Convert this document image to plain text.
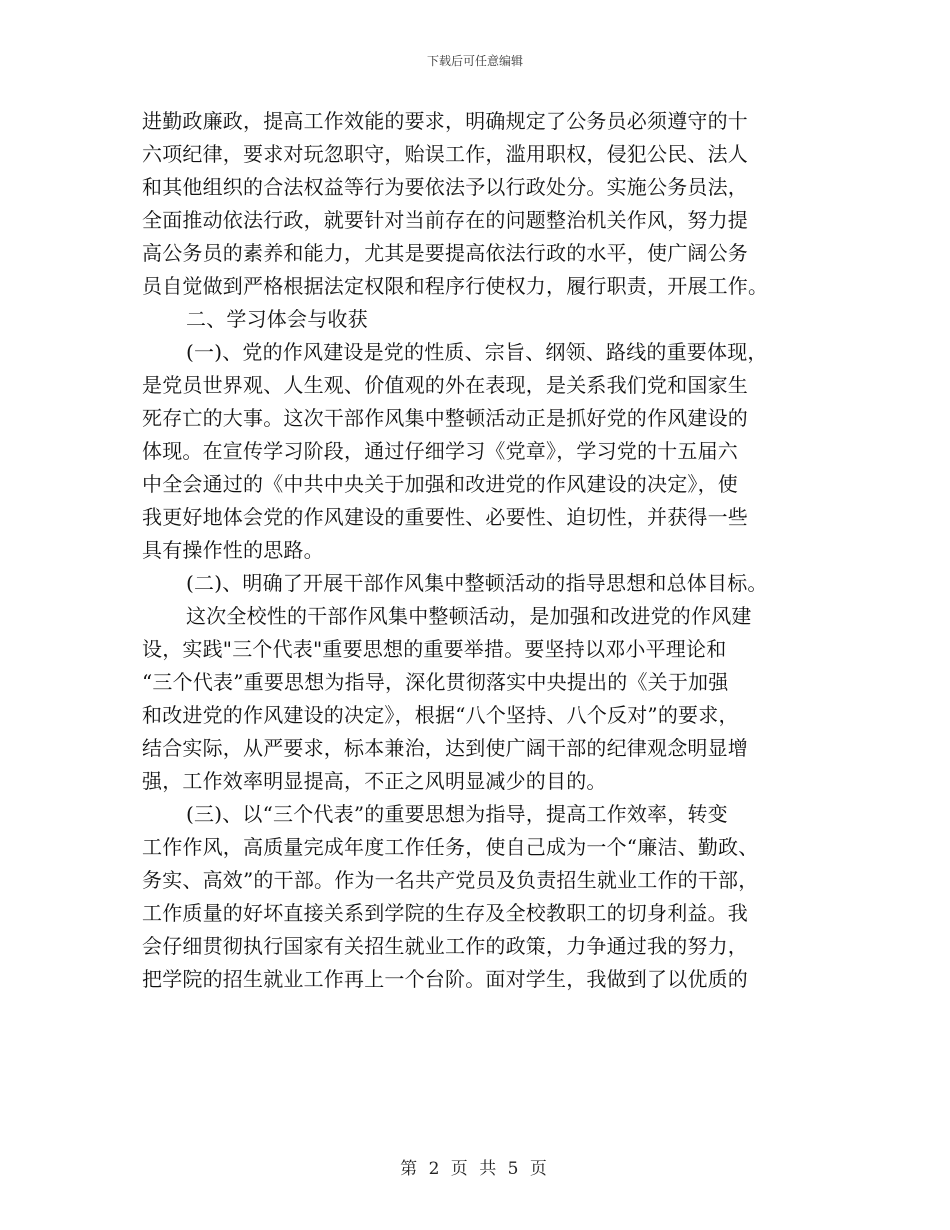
下载后可任意编辑
进勤政廉政，提高工作效能的要求，明确规定了公务员必须遵守的十
六项纪律，要求对玩忽职守，贻误工作，滥用职权，侵犯公民、法人
和其他组织的合法权益等行为要依法予以行政处分。实施公务员法，
全面推动依法行政，就要针对当前存在的问题整治机关作风，努力提
高公务员的素养和能力，尤其是要提高依法行政的水平，使广阔公务
员自觉做到严格根据法定权限和程序行使权力，履行职责，开展工作。
二、学习体会与收获
(一)、党的作风建设是党的性质、宗旨、纲领、路线的重要体现，
是党员世界观、人生观、价值观的外在表现，是关系我们党和国家生
死存亡的大事。这次干部作风集中整顿活动正是抓好党的作风建设的
体现。在宣传学习阶段，通过仔细学习《党章》，学习党的十五届六
中全会通过的《中共中央关于加强和改进党的作风建设的决定》，使
我更好地体会党的作风建设的重要性、必要性、迫切性，并获得一些
具有操作性的思路。
(二)、明确了开展干部作风集中整顿活动的指导思想和总体目标。
这次全校性的干部作风集中整顿活动，是加强和改进党的作风建
设，实践"三个代表"重要思想的重要举措。要坚持以邓小平理论和
“三个代表”重要思想为指导，深化贯彻落实中央提出的《关于加强
和改进党的作风建设的决定》，根据“八个坚持、八个反对”的要求，
结合实际，从严要求，标本兼治，达到使广阔干部的纪律观念明显增
强，工作效率明显提高，不正之风明显减少的目的。
(三)、以“三个代表”的重要思想为指导，提高工作效率，转变
工作作风，高质量完成年度工作任务，使自己成为一个“廉洁、勤政、
务实、高效”的干部。作为一名共产党员及负责招生就业工作的干部，
工作质量的好坏直接关系到学院的生存及全校教职工的切身利益。我
会仔细贯彻执行国家有关招生就业工作的政策，力争通过我的努力，
把学院的招生就业工作再上一个台阶。面对学生，我做到了以优质的
第 2 页 共 5 页
